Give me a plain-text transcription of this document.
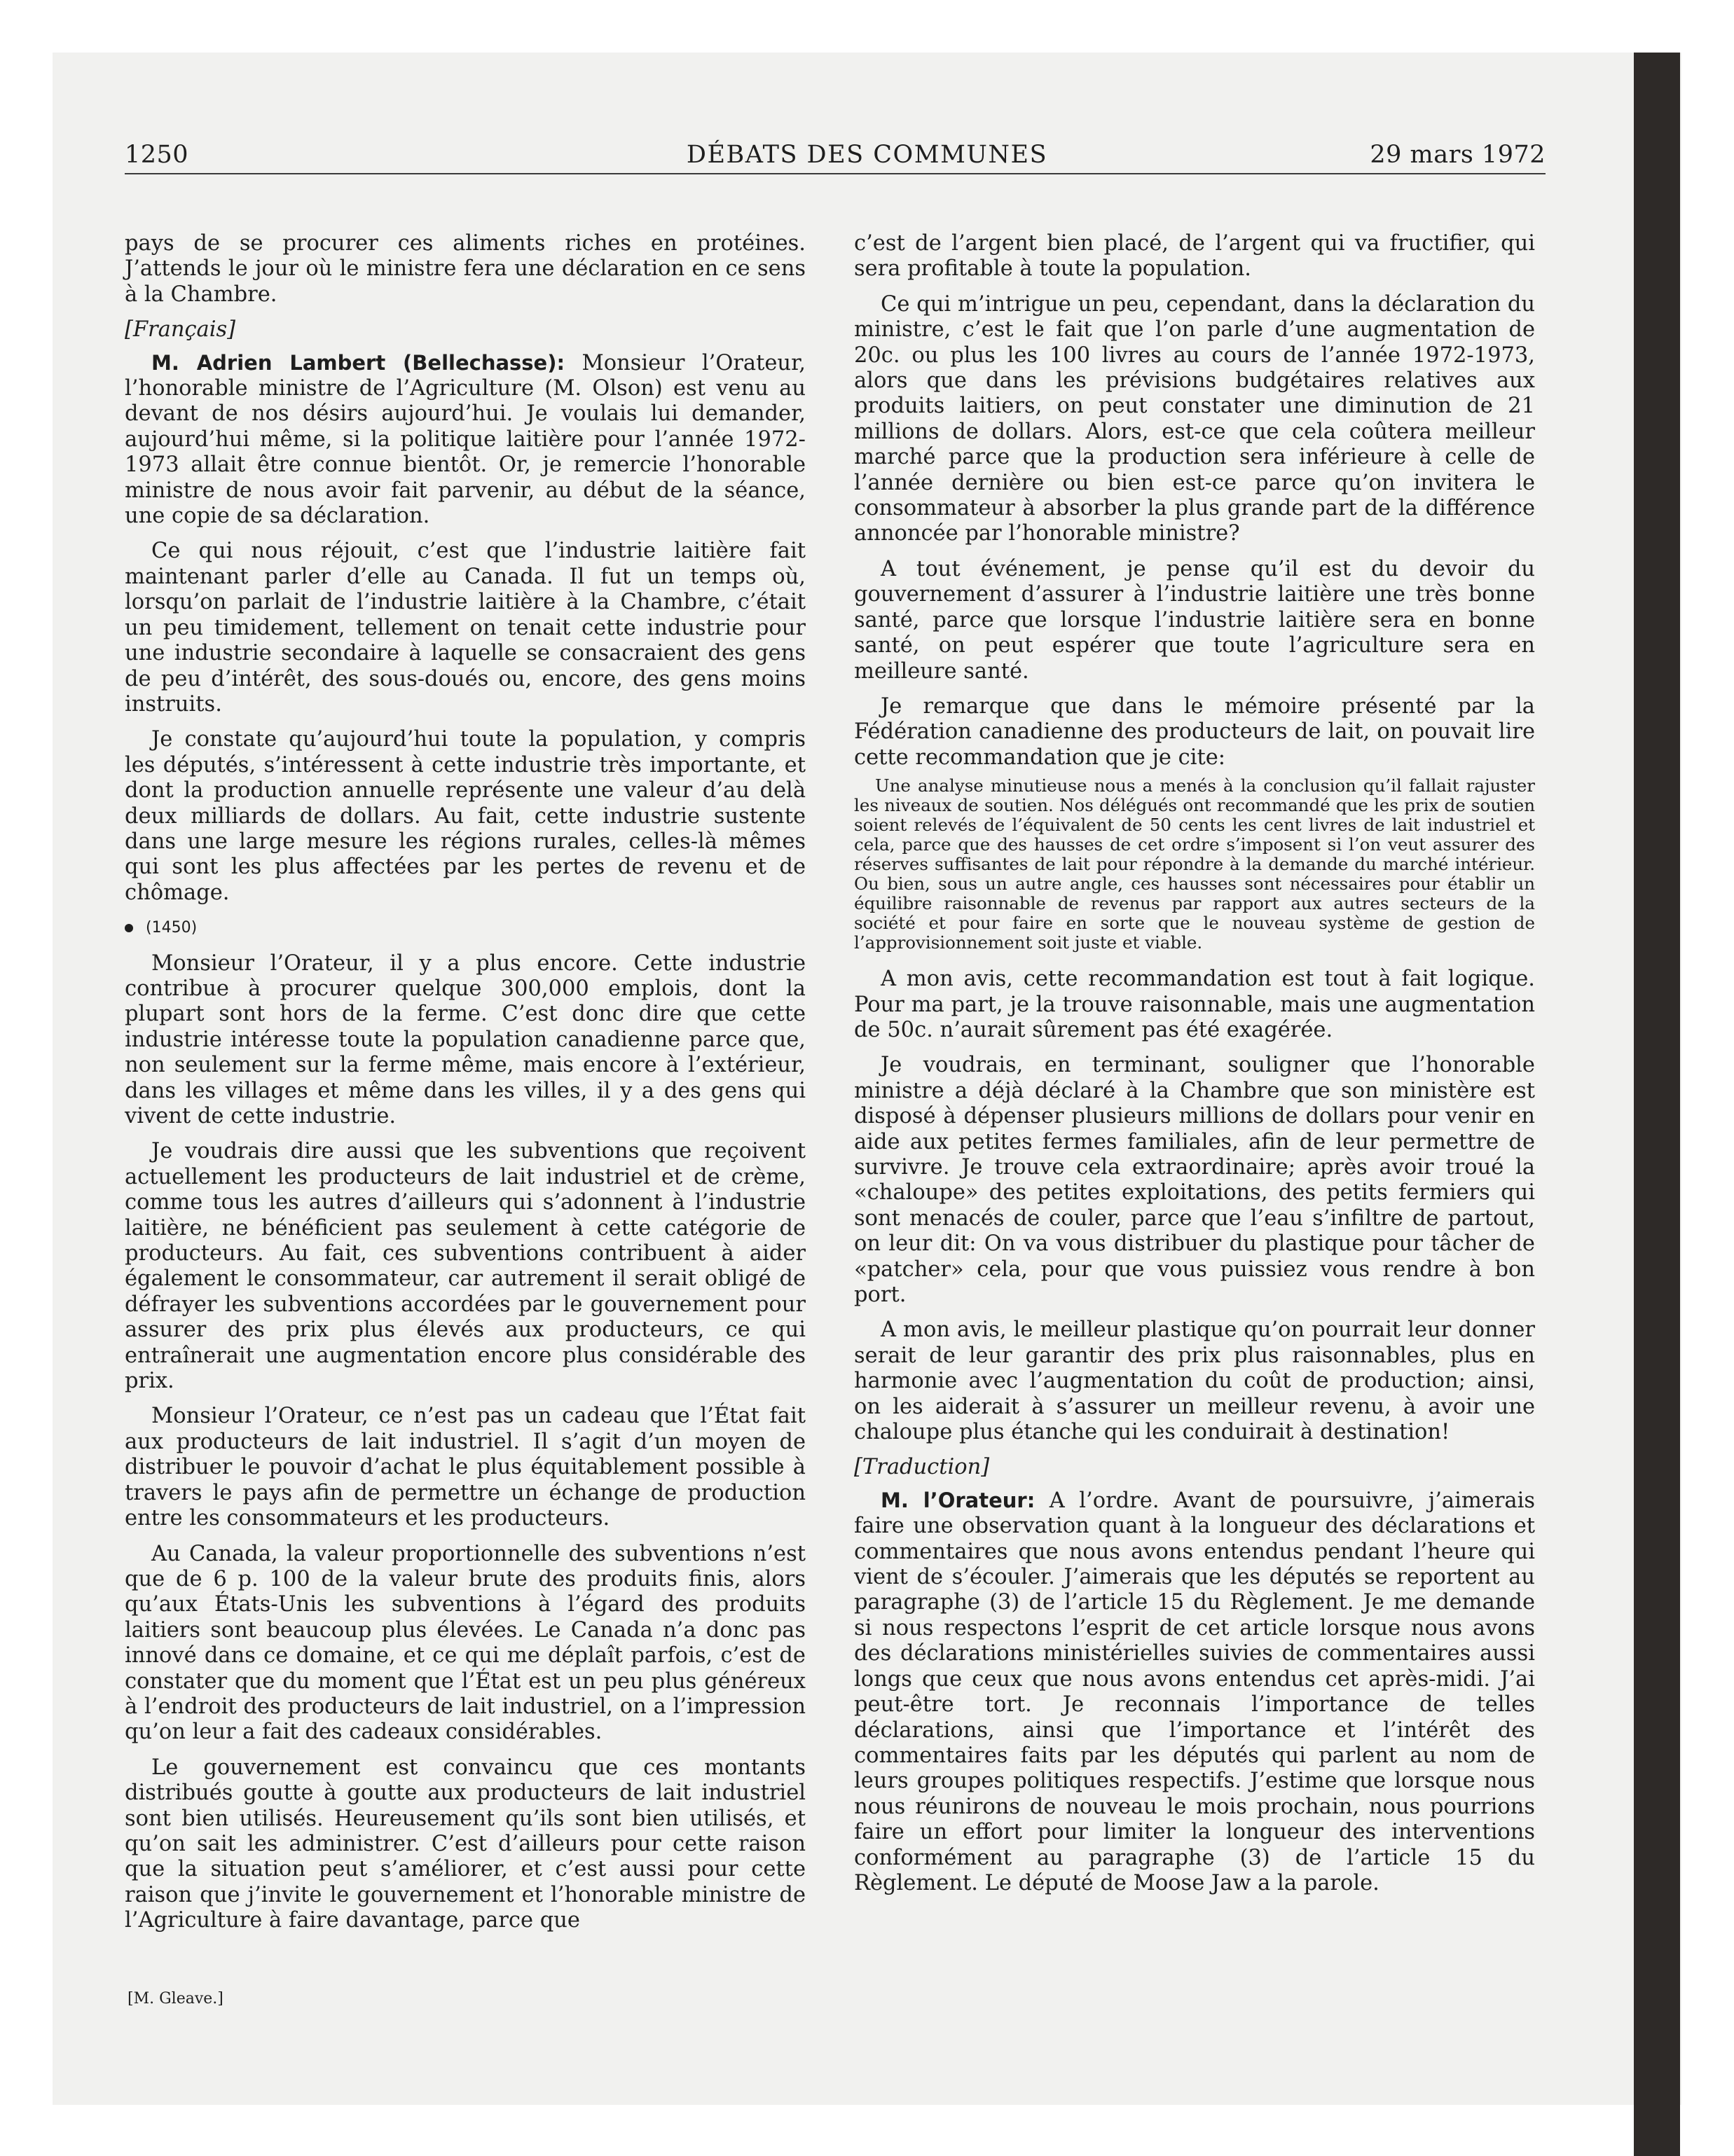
1250	DÉBATS DES COMMUNES	29 mars 1972

pays de se procurer ces aliments riches en protéines. J’attends le jour où le ministre fera une déclaration en ce sens à la Chambre.

[Français]

M. Adrien Lambert (Bellechasse): Monsieur l’Orateur, l’honorable ministre de l’Agriculture (M. Olson) est venu au devant de nos désirs aujourd’hui. Je voulais lui demander, aujourd’hui même, si la politique laitière pour l’année 1972-1973 allait être connue bientôt. Or, je remercie l’honorable ministre de nous avoir fait parvenir, au début de la séance, une copie de sa déclaration.

Ce qui nous réjouit, c’est que l’industrie laitière fait maintenant parler d’elle au Canada. Il fut un temps où, lorsqu’on parlait de l’industrie laitière à la Chambre, c’était un peu timidement, tellement on tenait cette industrie pour une industrie secondaire à laquelle se consacraient des gens de peu d’intérêt, des sous-doués ou, encore, des gens moins instruits.

Je constate qu’aujourd’hui toute la population, y compris les députés, s’intéressent à cette industrie très importante, et dont la production annuelle représente une valeur d’au delà deux milliards de dollars. Au fait, cette industrie sustente dans une large mesure les régions rurales, celles-là mêmes qui sont les plus affectées par les pertes de revenu et de chômage.

(1450)

Monsieur l’Orateur, il y a plus encore. Cette industrie contribue à procurer quelque 300,000 emplois, dont la plupart sont hors de la ferme. C’est donc dire que cette industrie intéresse toute la population canadienne parce que, non seulement sur la ferme même, mais encore à l’extérieur, dans les villages et même dans les villes, il y a des gens qui vivent de cette industrie.

Je voudrais dire aussi que les subventions que reçoivent actuellement les producteurs de lait industriel et de crème, comme tous les autres d’ailleurs qui s’adonnent à l’industrie laitière, ne bénéficient pas seulement à cette catégorie de producteurs. Au fait, ces subventions contribuent à aider également le consommateur, car autrement il serait obligé de défrayer les subventions accordées par le gouvernement pour assurer des prix plus élevés aux producteurs, ce qui entraînerait une augmentation encore plus considérable des prix.

Monsieur l’Orateur, ce n’est pas un cadeau que l’État fait aux producteurs de lait industriel. Il s’agit d’un moyen de distribuer le pouvoir d’achat le plus équitablement possible à travers le pays afin de permettre un échange de production entre les consommateurs et les producteurs.

Au Canada, la valeur proportionnelle des subventions n’est que de 6 p. 100 de la valeur brute des produits finis, alors qu’aux États-Unis les subventions à l’égard des produits laitiers sont beaucoup plus élevées. Le Canada n’a donc pas innové dans ce domaine, et ce qui me déplaît parfois, c’est de constater que du moment que l’État est un peu plus généreux à l’endroit des producteurs de lait industriel, on a l’impression qu’on leur a fait des cadeaux considérables.

Le gouvernement est convaincu que ces montants distribués goutte à goutte aux producteurs de lait industriel sont bien utilisés. Heureusement qu’ils sont bien utilisés, et qu’on sait les administrer. C’est d’ailleurs pour cette raison que la situation peut s’améliorer, et c’est aussi pour cette raison que j’invite le gouvernement et l’honorable ministre de l’Agriculture à faire davantage, parce que

c’est de l’argent bien placé, de l’argent qui va fructifier, qui sera profitable à toute la population.

Ce qui m’intrigue un peu, cependant, dans la déclaration du ministre, c’est le fait que l’on parle d’une augmentation de 20c. ou plus les 100 livres au cours de l’année 1972-1973, alors que dans les prévisions budgétaires relatives aux produits laitiers, on peut constater une diminution de 21 millions de dollars. Alors, est-ce que cela coûtera meilleur marché parce que la production sera inférieure à celle de l’année dernière ou bien est-ce parce qu’on invitera le consommateur à absorber la plus grande part de la différence annoncée par l’honorable ministre?

A tout événement, je pense qu’il est du devoir du gouvernement d’assurer à l’industrie laitière une très bonne santé, parce que lorsque l’industrie laitière sera en bonne santé, on peut espérer que toute l’agriculture sera en meilleure santé.

Je remarque que dans le mémoire présenté par la Fédération canadienne des producteurs de lait, on pouvait lire cette recommandation que je cite:

Une analyse minutieuse nous a menés à la conclusion qu’il fallait rajuster les niveaux de soutien. Nos délégués ont recommandé que les prix de soutien soient relevés de l’équivalent de 50 cents les cent livres de lait industriel et cela, parce que des hausses de cet ordre s’imposent si l’on veut assurer des réserves suffisantes de lait pour répondre à la demande du marché intérieur. Ou bien, sous un autre angle, ces hausses sont nécessaires pour établir un équilibre raisonnable de revenus par rapport aux autres secteurs de la société et pour faire en sorte que le nouveau système de gestion de l’approvisionnement soit juste et viable.

A mon avis, cette recommandation est tout à fait logique. Pour ma part, je la trouve raisonnable, mais une augmentation de 50c. n’aurait sûrement pas été exagérée.

Je voudrais, en terminant, souligner que l’honorable ministre a déjà déclaré à la Chambre que son ministère est disposé à dépenser plusieurs millions de dollars pour venir en aide aux petites fermes familiales, afin de leur permettre de survivre. Je trouve cela extraordinaire; après avoir troué la «chaloupe» des petites exploitations, des petits fermiers qui sont menacés de couler, parce que l’eau s’infiltre de partout, on leur dit: On va vous distribuer du plastique pour tâcher de «patcher» cela, pour que vous puissiez vous rendre à bon port.

A mon avis, le meilleur plastique qu’on pourrait leur donner serait de leur garantir des prix plus raisonnables, plus en harmonie avec l’augmentation du coût de production; ainsi, on les aiderait à s’assurer un meilleur revenu, à avoir une chaloupe plus étanche qui les conduirait à destination!

[Traduction]

M. l’Orateur: A l’ordre. Avant de poursuivre, j’aimerais faire une observation quant à la longueur des déclarations et commentaires que nous avons entendus pendant l’heure qui vient de s’écouler. J’aimerais que les députés se reportent au paragraphe (3) de l’article 15 du Règlement. Je me demande si nous respectons l’esprit de cet article lorsque nous avons des déclarations ministérielles suivies de commentaires aussi longs que ceux que nous avons entendus cet après-midi. J’ai peut-être tort. Je reconnais l’importance de telles déclarations, ainsi que l’importance et l’intérêt des commentaires faits par les députés qui parlent au nom de leurs groupes politiques respectifs. J’estime que lorsque nous nous réunirons de nouveau le mois prochain, nous pourrions faire un effort pour limiter la longueur des interventions conformément au paragraphe (3) de l’article 15 du Règlement. Le député de Moose Jaw a la parole.

[M. Gleave.]
